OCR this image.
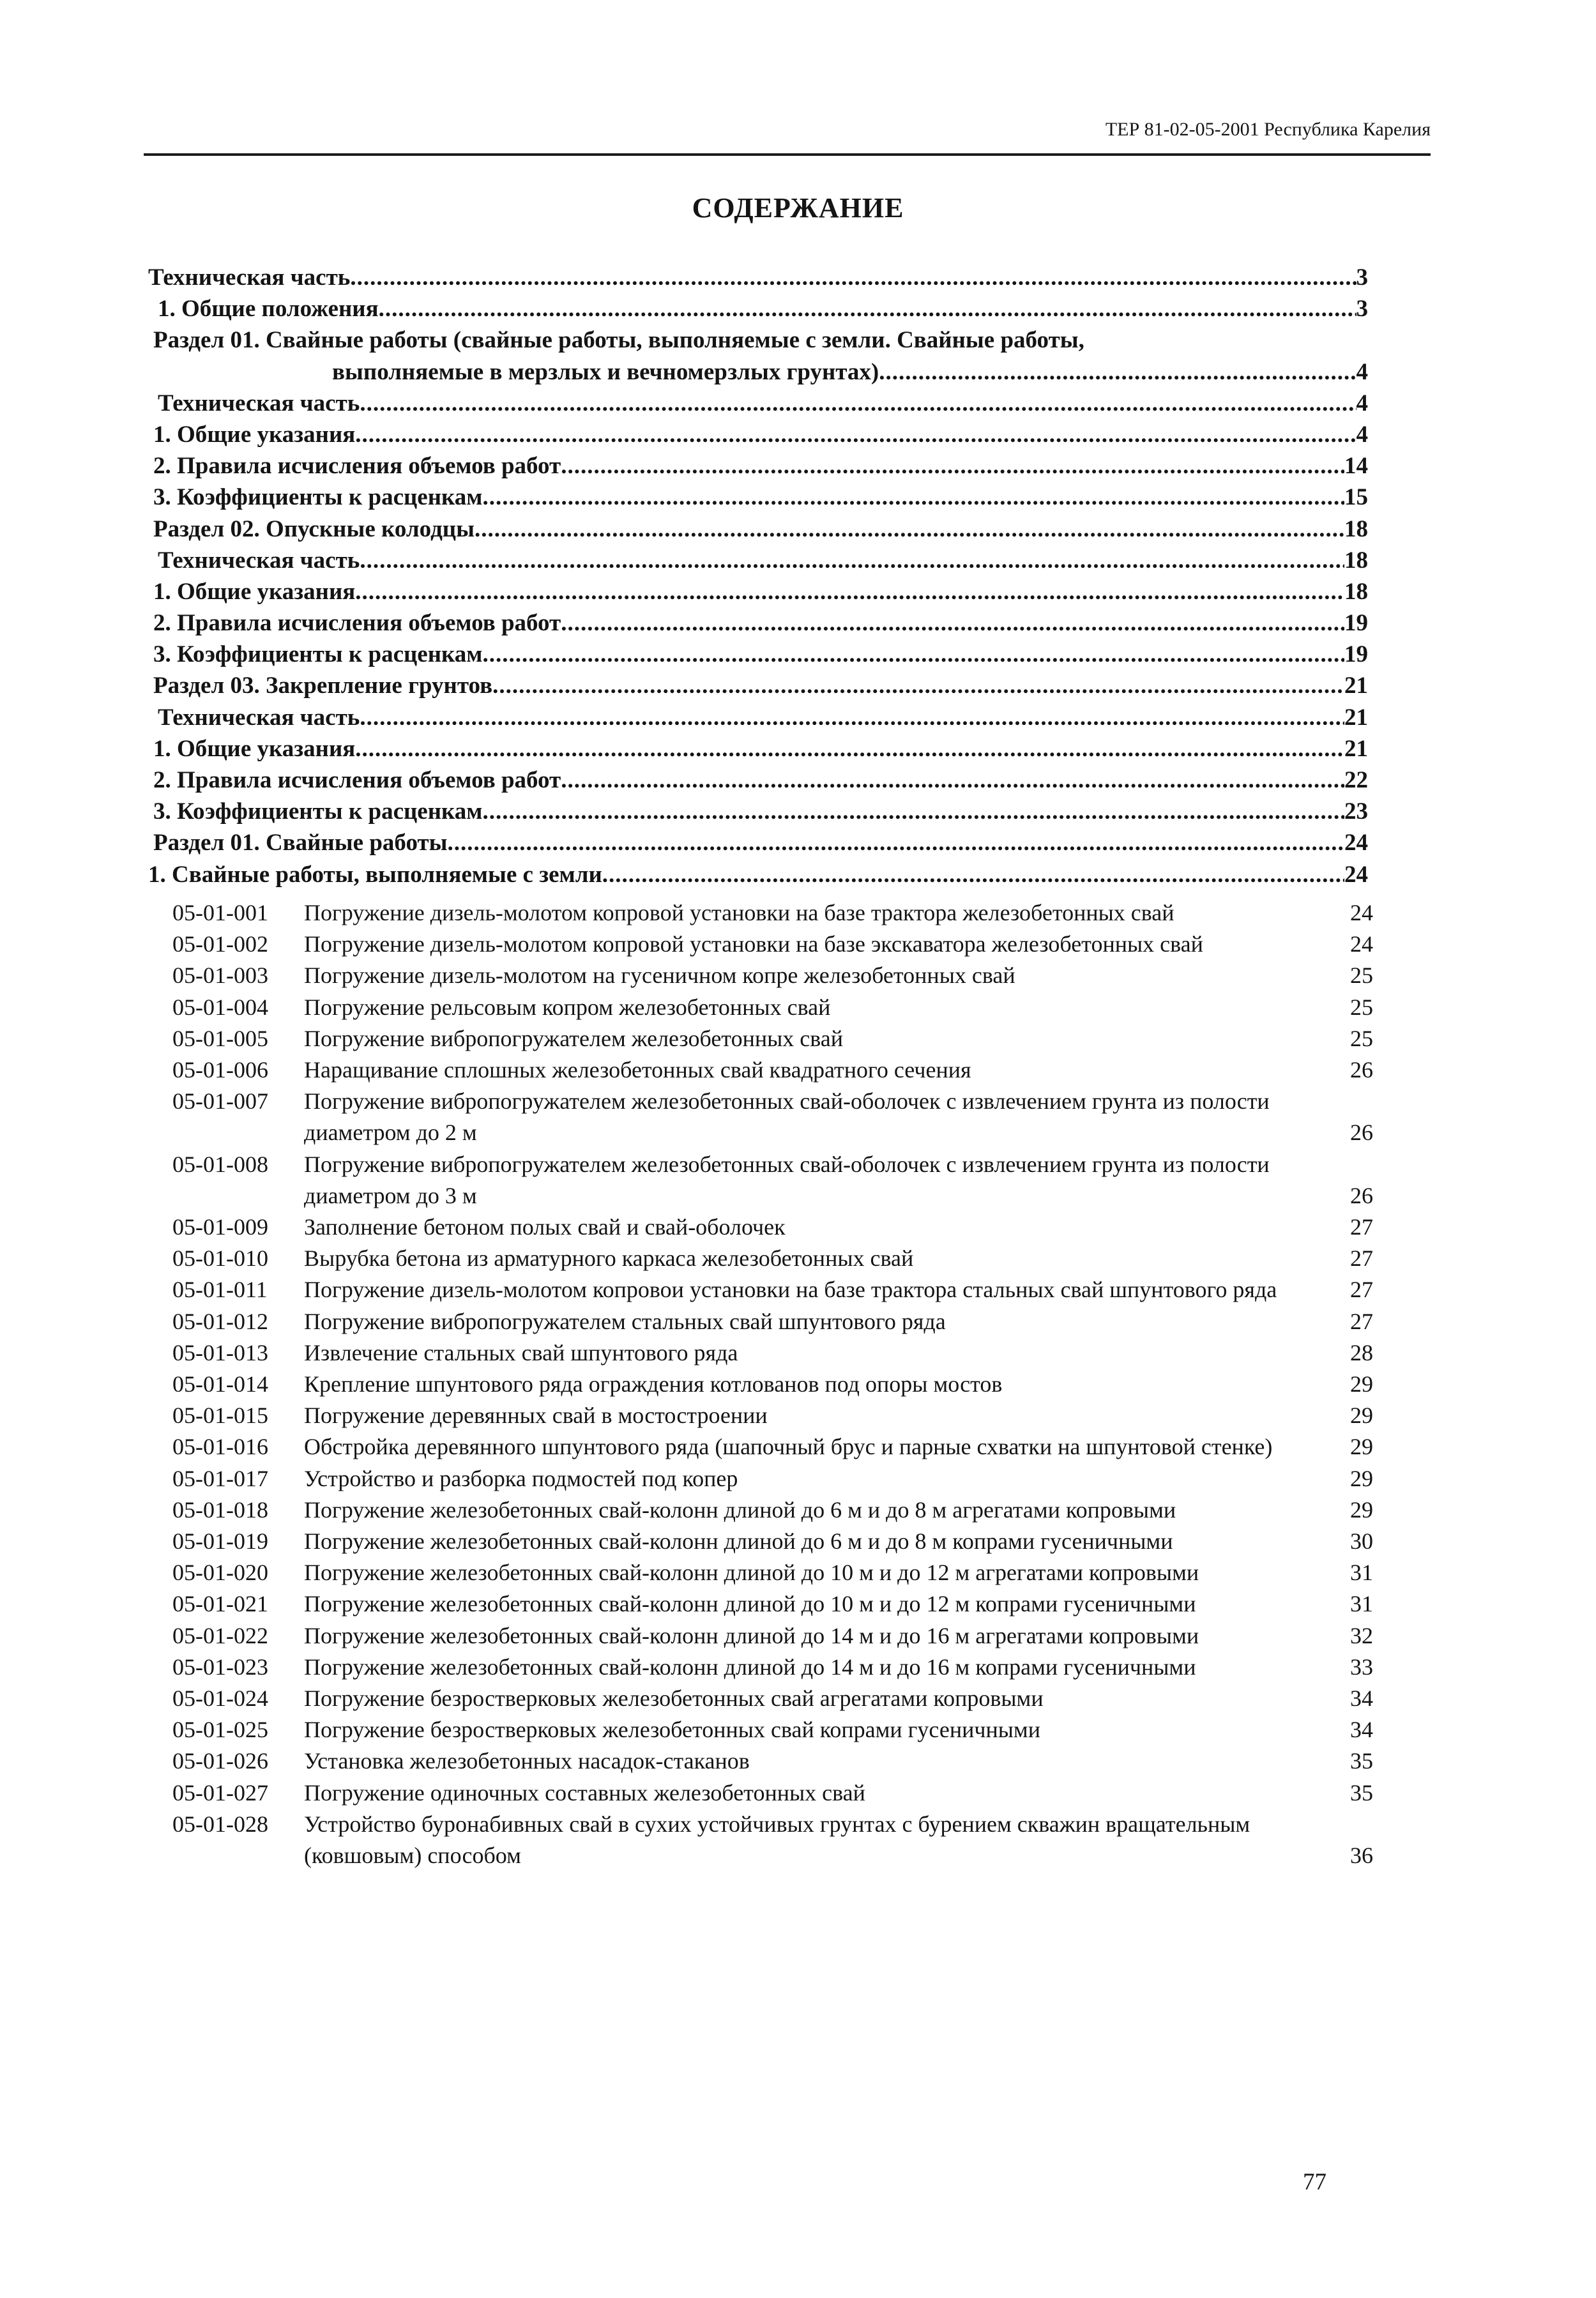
ТЕР 81-02-05-2001 Республика Карелия
СОДЕРЖАНИЕ
Техническая часть .....	3
1. Общие положения .....	3
Раздел 01. Свайные работы (свайные работы, выполняемые с земли. Свайные работы,
выполняемые в мерзлых и вечномерзлых грунтах) .....	4
Техническая часть .....	4
1. Общие указания .....	4
2. Правила исчисления объемов работ .....	14
3. Коэффициенты к расценкам .....	15
Раздел 02. Опускные колодцы .....	18
Техническая часть .....	18
1. Общие указания .....	18
2. Правила исчисления объемов работ .....	19
3. Коэффициенты к расценкам .....	19
Раздел 03. Закрепление грунтов .....	21
Техническая часть .....	21
1. Общие указания .....	21
2. Правила исчисления объемов работ .....	22
3. Коэффициенты к расценкам .....	23
Раздел 01. Свайные работы .....	24
1. Свайные работы, выполняемые с земли .....	24
05-01-001	Погружение дизель-молотом копровой установки на базе трактора железобетонных свай	24
05-01-002	Погружение дизель-молотом копровой установки на базе экскаватора железобетонных свай	24
05-01-003	Погружение дизель-молотом на гусеничном копре железобетонных свай	25
05-01-004	Погружение рельсовым копром железобетонных свай	25
05-01-005	Погружение вибропогружателем железобетонных свай	25
05-01-006	Наращивание сплошных железобетонных свай квадратного сечения	26
05-01-007	Погружение вибропогружателем железобетонных свай-оболочек с извлечением грунта из полости диаметром до 2 м	26
05-01-008	Погружение вибропогружателем железобетонных свай-оболочек с извлечением грунта из полости диаметром до 3 м	26
05-01-009	Заполнение бетоном полых свай и свай-оболочек	27
05-01-010	Вырубка бетона из арматурного каркаса железобетонных свай	27
05-01-011	Погружение дизель-молотом копровои установки на базе трактора стальных свай шпунтового ряда	27
05-01-012	Погружение вибропогружателем стальных свай шпунтового ряда	27
05-01-013	Извлечение стальных свай шпунтового ряда	28
05-01-014	Крепление шпунтового ряда ограждения котлованов под опоры мостов	29
05-01-015	Погружение деревянных свай в мостостроении	29
05-01-016	Обстройка деревянного шпунтового ряда (шапочный брус и парные схватки на шпунтовой стенке)	29
05-01-017	Устройство и разборка подмостей под копер	29
05-01-018	Погружение железобетонных свай-колонн длиной до 6 м и до 8 м агрегатами копровыми	29
05-01-019	Погружение железобетонных свай-колонн длиной до 6 м и до 8 м копрами гусеничными	30
05-01-020	Погружение железобетонных свай-колонн длиной до 10 м и до 12 м агрегатами копровыми	31
05-01-021	Погружение железобетонных свай-колонн длиной до 10 м и до 12 м копрами гусеничными	31
05-01-022	Погружение железобетонных свай-колонн длиной до 14 м и до 16 м агрегатами копровыми	32
05-01-023	Погружение железобетонных свай-колонн длиной до 14 м и до 16 м копрами гусеничными	33
05-01-024	Погружение безростверковых железобетонных свай агрегатами копровыми	34
05-01-025	Погружение безростверковых железобетонных свай копрами гусеничными	34
05-01-026	Установка железобетонных насадок-стаканов	35
05-01-027	Погружение одиночных составных железобетонных свай	35
05-01-028	Устройство буронабивных свай в сухих устойчивых грунтах с бурением скважин вращательным (ковшовым) способом	36
77
